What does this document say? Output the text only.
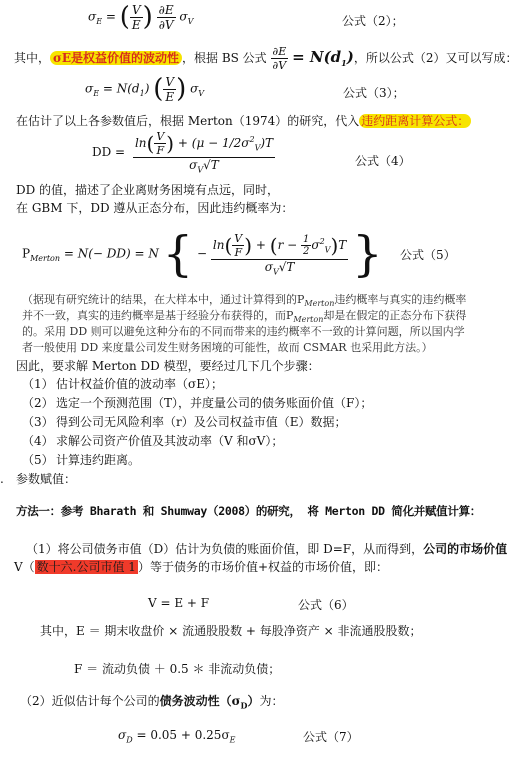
$\sigma_E$ = ( $\frac{V}{E}$ ) $\frac{\partial E}{\partial V} \sigma_V$	公式（2）；
其中， σE是权益价值的波动性 ，根据 BS 公式 $\frac{\partial E}{\partial V} = N(d_1)$，所以公式（2）又可以写成：
$\sigma_E = N(d_1)$ ( $\frac{V}{E}$ ) $\sigma_V$	公式（3）；
在估计了以上各参数值后，根据 Merton（1974）的研究，代入 违约距离计算公式：
DD = $\frac{\ln( \frac{V}{F} ) + (\mu - 1/2\sigma^2_V)T}{\sigma_V√T}$	公式（4）
DD 的值，描述了企业离财务困境有点远，同时，
在 GBM 下，DD 遵从正态分布，因此违约概率为：
$P_{Merton} = N(- DD) = N$ { − $\frac{\ln( \frac{V}{F} ) + (r - \frac{1}{2} \sigma^2_V)T}{\sigma_V√T}$ } 公式（5）
（据现有研究统计的结果，在大样本中，通过计算得到的$P_{Merton}$违约概率与真实的违约概率
并不一致，真实的违约概率是基于经验分布获得的，而$P_{Merton}$却是在假定的正态分布下获得
的。采用 DD 则可以避免这种分布的不同而带来的违约概率不一致的计算问题，所以国内学
者一般使用 DD 来度量公司发生财务困境的可能性，故而 CSMAR 也采用此方法。）
因此，要求解 Merton DD 模型，要经过几下几个步骤：
（1） 估计权益价值的波动率（σE）；
（2） 选定一个预测范围（T），并度量公司的债务账面价值（F）；
（3） 得到公司无风险利率（r）及公司权益市值（E）数据；
（4） 求解公司资产价值及其波动率（V 和σV）；
（5） 计算违约距离。
. 参数赋值：
方法一：参考 Bharath 和 Shumway（2008）的研究， 将 Merton DD 简化并赋值计算：
（1）将公司债务市值（D）估计为负债的账面价值，即 D=F，从而得到，公司的市场价值
V（ 数十六.公司市值 1 ）等于债务的市场价值+权益的市场价值，即：
V = E + F	公式（6）
其中，E ＝ 期末收盘价 × 流通股股数 + 每股净资产 × 非流通股股数；
F ＝ 流动负债 ＋ 0.5 ＊ 非流动负债；
（2）近似估计每个公司的债务波动性$(\sigma_D)$为：
$\sigma_D = 0.05 + 0.25\sigma_E$	公式（7）
